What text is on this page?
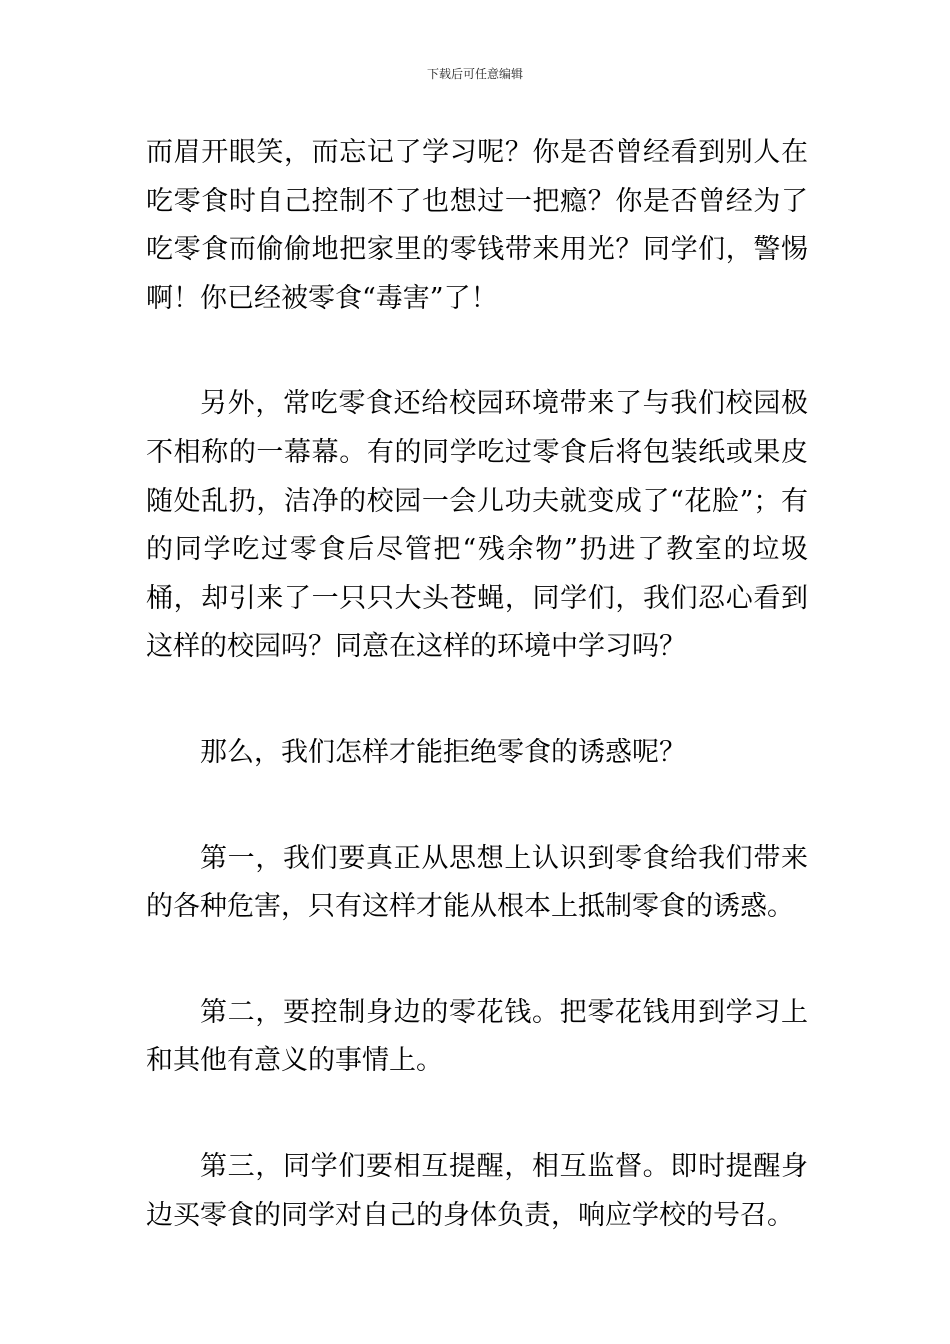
下载后可任意编辑

而眉开眼笑，而忘记了学习呢？你是否曾经看到别人在吃零食时自己控制不了也想过一把瘾？你是否曾经为了吃零食而偷偷地把家里的零钱带来用光？同学们，警惕啊！你已经被零食“毒害”了！

另外，常吃零食还给校园环境带来了与我们校园极不相称的一幕幕。有的同学吃过零食后将包装纸或果皮随处乱扔，洁净的校园一会儿功夫就变成了“花脸”；有的同学吃过零食后尽管把“残余物”扔进了教室的垃圾桶，却引来了一只只大头苍蝇，同学们，我们忍心看到这样的校园吗？同意在这样的环境中学习吗？

那么，我们怎样才能拒绝零食的诱惑呢？

第一，我们要真正从思想上认识到零食给我们带来的各种危害，只有这样才能从根本上抵制零食的诱惑。

第二，要控制身边的零花钱。把零花钱用到学习上和其他有意义的事情上。

第三，同学们要相互提醒，相互监督。即时提醒身边买零食的同学对自己的身体负责，响应学校的号召。
